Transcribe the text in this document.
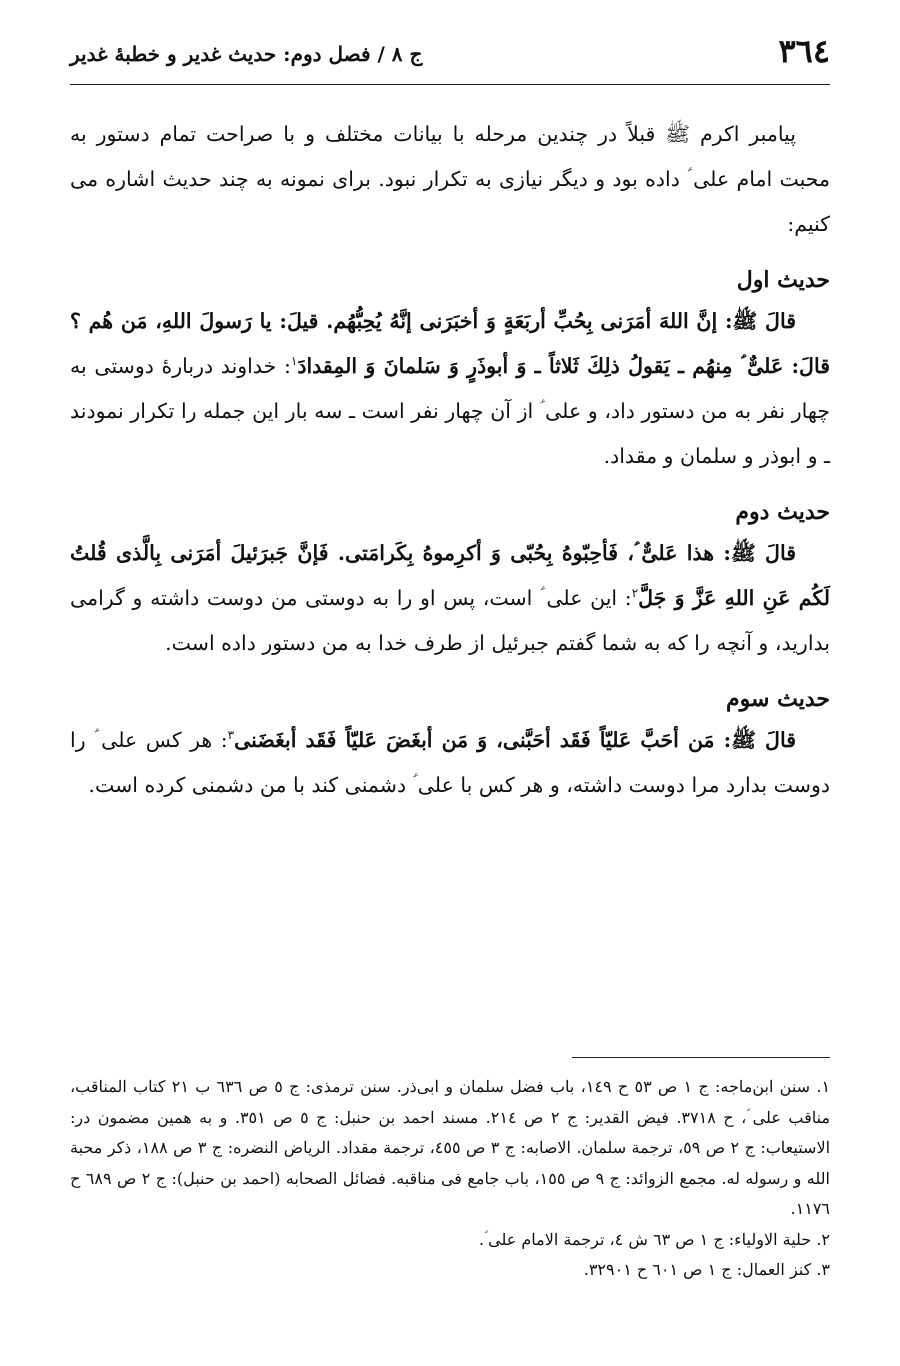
٣٦٤
ج ٨ / فصل دوم: حديث غدير و خطبهٔ غدير

پيامبر اكرم ﷺ قبلاً در چندين مرحله با بيانات مختلف و با صراحت تمام دستور به محبت امام على ؑ داده بود و ديگر نيازى به تكرار نبود. براى نمونه به چند حديث اشاره مى كنيم:

حديث اول

قالَ ﷺ: إنَّ اللهَ أمَرَنى بِحُبِّ أربَعَةٍ وَ أخبَرَنى إنَّهُ يُحِبُّهُم. قيلَ: يا رَسولَ اللهِ، مَن هُم ؟ قالَ: عَلىٌّ ؑ مِنهُم ـ يَقولُ ذلِكَ ثَلاثاً ـ وَ أبوذَرٍ وَ سَلمانَ وَ المِقدادَ$^١$: خداوند دربارهٔ دوستى به چهار نفر به من دستور داد، و على ؑ از آن چهار نفر است ـ سه بار اين جمله را تكرار نمودند ـ و ابوذر و سلمان و مقداد.

حديث دوم

قالَ ﷺ: هذا عَلىٌّ ؑ، فَأحِبّوهُ بِحُبّى وَ أكرِموهُ بِكَرامَتى. فَإنَّ جَبرَئيلَ أمَرَنى بِالَّذى قُلتُ لَكُم عَنِ اللهِ عَزَّ وَ جَلَّ$^٢$: اين على ؑ است، پس او را به دوستى من دوست داشته و گرامى بداريد، و آنچه را كه به شما گفتم جبرئيل از طرف خدا به من دستور داده است.

حديث سوم

قالَ ﷺ: مَن أحَبَّ عَليّاً فَقَد أحَبَّنى، وَ مَن أبغَضَ عَليّاً فَقَد أبغَضَنى$^٣$: هر كس على ؑ را دوست بدارد مرا دوست داشته، و هر كس با على ؑ دشمنى كند با من دشمنى كرده است.

١. سنن ابن‌ماجه: ج ١ ص ٥٣ ح ١٤٩، باب فضل سلمان و ابى‌ذر. سنن ترمذى: ج ٥ ص ٦٣٦ ب ٢١ كتاب المناقب، مناقب على ؑ، ح ٣٧١٨. فيض القدير: ج ٢ ص ٢١٤. مسند احمد بن حنبل: ج ٥ ص ٣٥١. و به همين مضمون در: الاستيعاب: ج ٢ ص ٥٩، ترجمة سلمان. الاصابه: ج ٣ ص ٤٥٥، ترجمة مقداد. الرياض النضره: ج ٣ ص ١٨٨، ذكر محبة الله و رسوله له. مجمع الزوائد: ج ٩ ص ١٥٥، باب جامع فى مناقبه. فضائل الصحابه (احمد بن حنبل): ج ٢ ص ٦٨٩ ح ١١٧٦.

٢. حلية الاولياء: ج ١ ص ٦٣ ش ٤، ترجمة الامام على ؑ.

٣. كنز العمال: ج ١ ص ٦٠١ ح ٣٢٩٠١.
